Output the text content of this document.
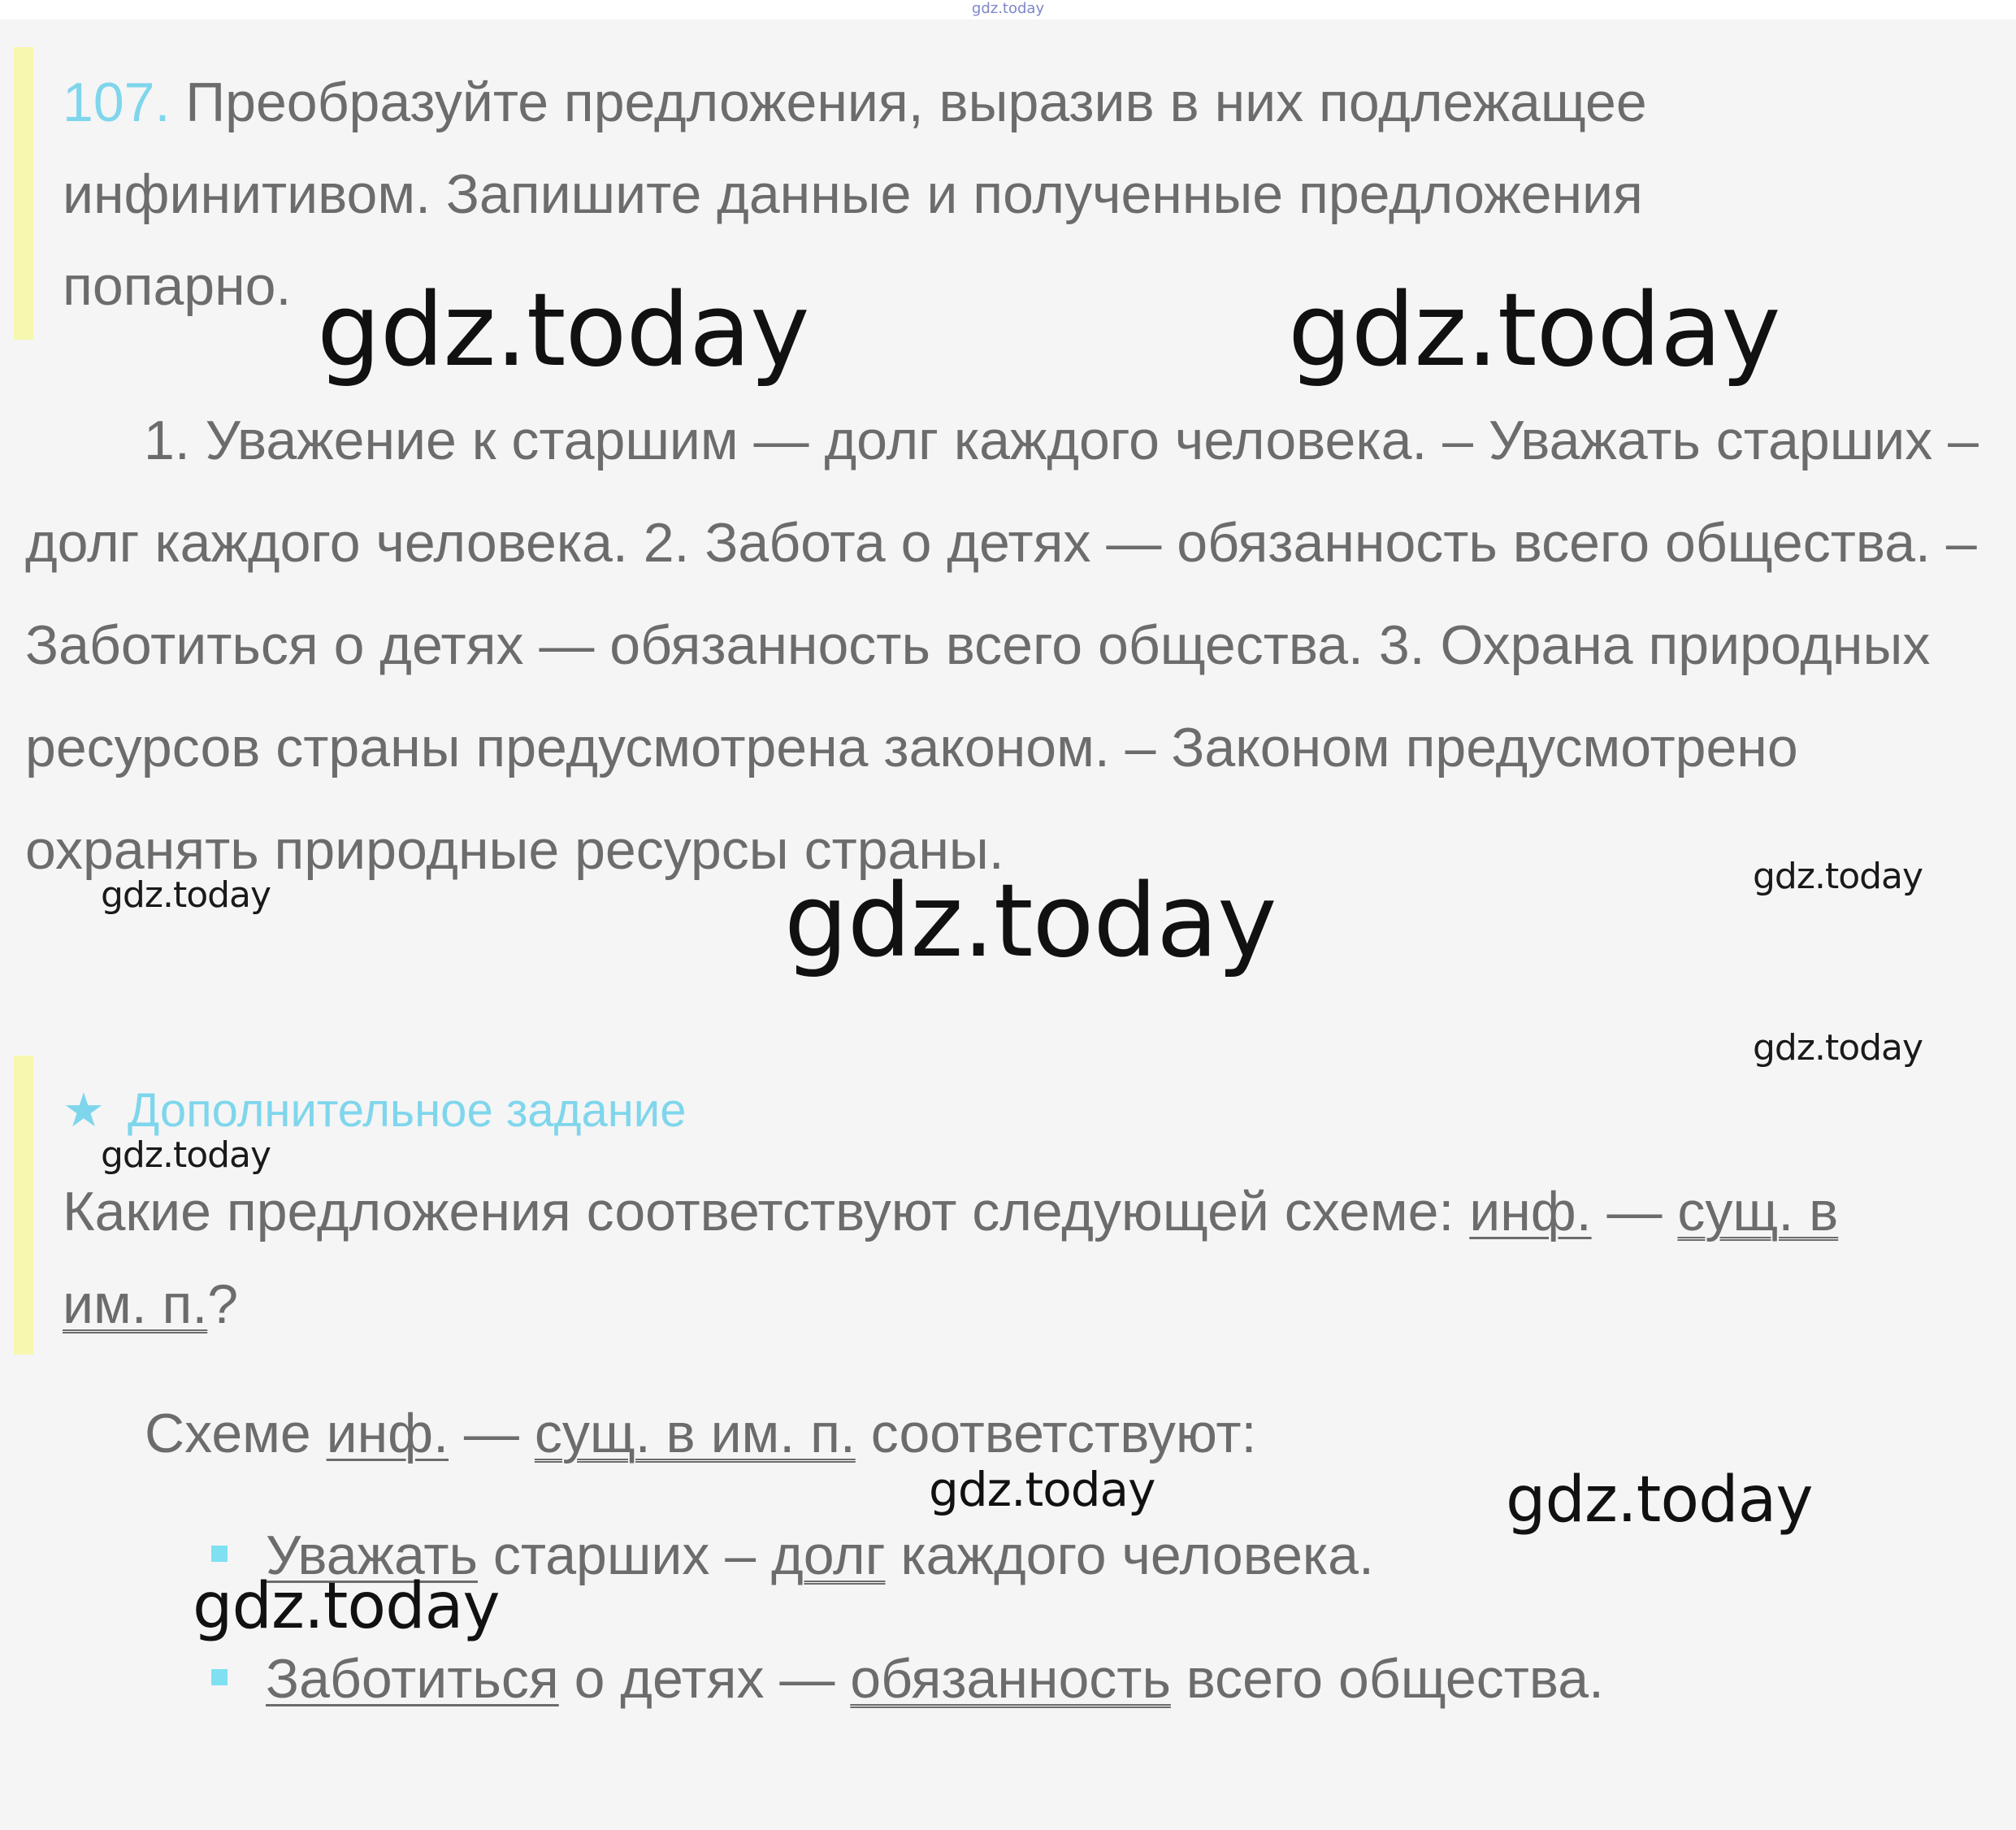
gdz.today
107. Преобразуйте предложения, выразив в них подлежащее инфинитивом. Запишите данные и полученные предложения попарно.
1. Уважение к старшим — долг каждого человека. – Уважать старших – долг каждого человека. 2. Забота о детях — обязанность всего общества. – Заботиться о детях — обязанность всего общества. 3. Охрана природных ресурсов страны предусмотрена законом. – Законом предусмотрено охранять природные ресурсы страны.
★ Дополнительное задание
Какие предложения соответствуют следующей схеме: инф. — сущ. в им. п.?
Схеме инф. — сущ. в им. п. соответствуют:
Уважать старших – долг каждого человека.
Заботиться о детях — обязанность всего общества.
gdz.today	gdz.today
gdz.today	gdz.today	gdz.today
gdz.today
gdz.today
gdz.today	gdz.today
gdz.today
